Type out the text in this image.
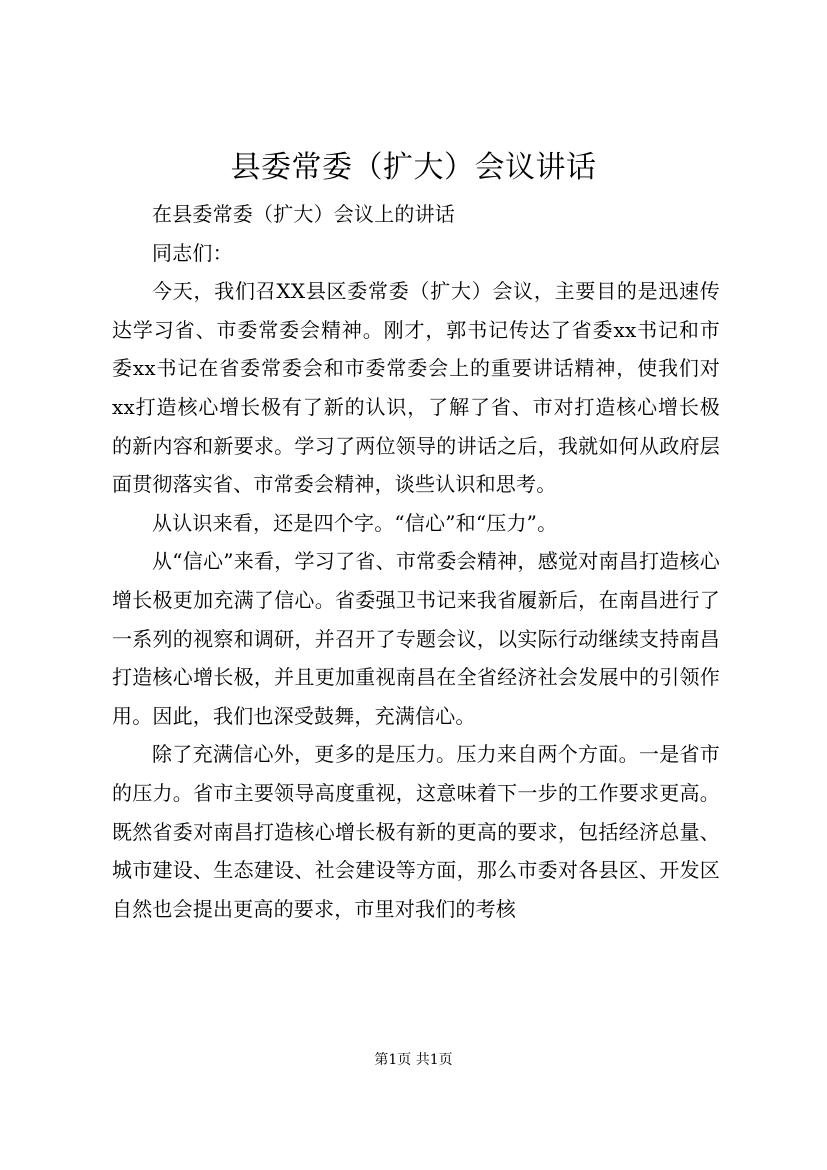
县委常委（扩大）会议讲话

在县委常委（扩大）会议上的讲话

同志们：

今天，我们召XX县区委常委（扩大）会议，主要目的是迅速传达学习省、市委常委会精神。刚才，郭书记传达了省委xx书记和市委xx书记在省委常委会和市委常委会上的重要讲话精神，使我们对xx打造核心增长极有了新的认识，了解了省、市对打造核心增长极的新内容和新要求。学习了两位领导的讲话之后，我就如何从政府层面贯彻落实省、市常委会精神，谈些认识和思考。

从认识来看，还是四个字。“信心”和“压力”。

从“信心”来看，学习了省、市常委会精神，感觉对南昌打造核心增长极更加充满了信心。省委强卫书记来我省履新后，在南昌进行了一系列的视察和调研，并召开了专题会议，以实际行动继续支持南昌打造核心增长极，并且更加重视南昌在全省经济社会发展中的引领作用。因此，我们也深受鼓舞，充满信心。

除了充满信心外，更多的是压力。压力来自两个方面。一是省市的压力。省市主要领导高度重视，这意味着下一步的工作要求更高。既然省委对南昌打造核心增长极有新的更高的要求，包括经济总量、城市建设、生态建设、社会建设等方面，那么市委对各县区、开发区自然也会提出更高的要求，市里对我们的考核

第1页 共1页
